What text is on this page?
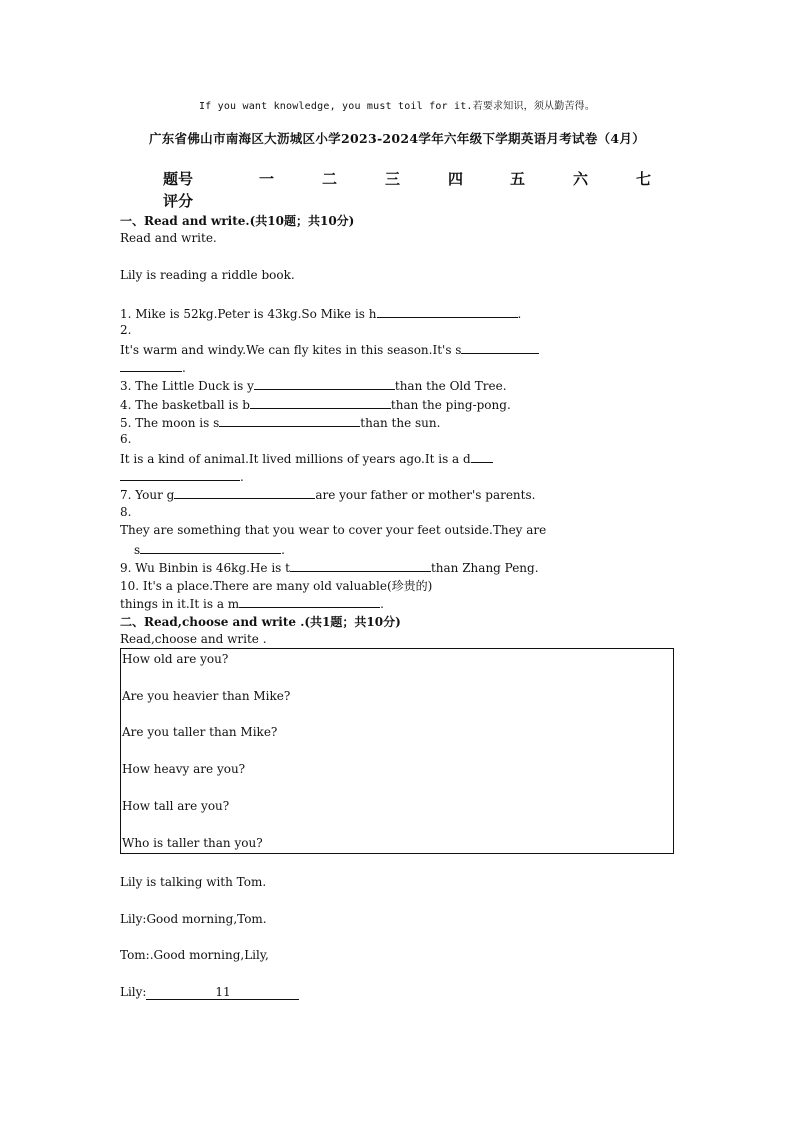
If you want knowledge, you must toil for it.若要求知识，须从勤苦得。
广东省佛山市南海区大沥城区小学2023-2024学年六年级下学期英语月考试卷（4月）
题号	一	二	三	四	五	六	七
评分
一、Read and write.(共10题；共10分)
Read and write.
Lily is reading a riddle book.
1. Mike is 52kg.Peter is 43kg.So Mike is h	.
2.
It's warm and windy.We can fly kites in this season.It's s
.
3. The Little Duck is y	than the Old Tree.
4. The basketball is b	than the ping-pong.
5. The moon is s	than the sun.
6.
It is a kind of animal.It lived millions of years ago.It is a d
.
7. Your g	are your father or mother's parents.
8.
They are something that you wear to cover your feet outside.They are
s	.
9. Wu Binbin is 46kg.He is t	than Zhang Peng.
10. It's a place.There are many old valuable(珍贵的)
things in it.It is a m	.
二、Read,choose and write .(共1题；共10分)
Read,choose and write .
How old are you?
Are you heavier than Mike?
Are you taller than Mike?
How heavy are you?
How tall are you?
Who is taller than you?
Lily is talking with Tom.
Lily:Good morning,Tom.
Tom:.Good morning,Lily,
Lily:	11
